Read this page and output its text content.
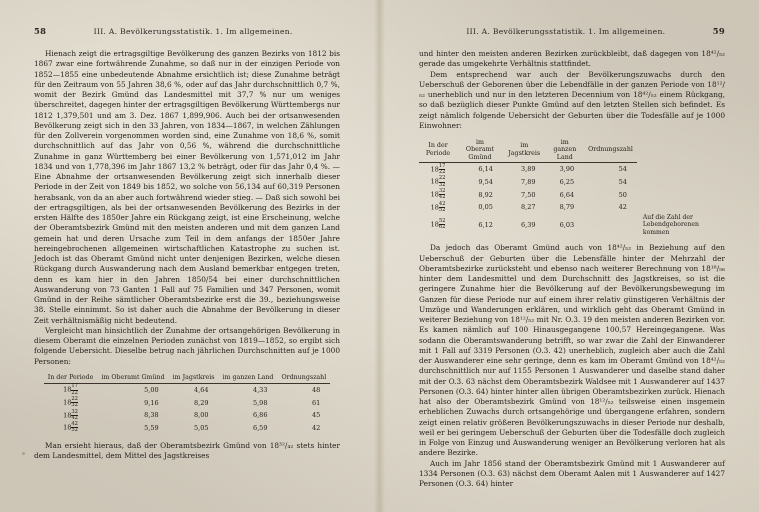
58	III. A. Bevölkerungsstatistik. 1. Im allgemeinen.

Hienach zeigt die ertragsgiltige Bevölkerung des ganzen Bezirks von 1812 bis 1867 zwar eine fortwährende Zunahme, so daß nur in der einzigen Periode von 1852—1855 eine unbedeutende Abnahme ersichtlich ist; diese Zunahme beträgt für den Zeitraum von 55 Jahren 38,6 %, oder auf das Jahr durchschnittlich 0,7 %, womit der Bezirk Gmünd das Landesmittel mit 37,7 % nur um weniges überschreitet, dagegen hinter der ertragsgiltigen Bevölkerung Württembergs nur 1812 1,379,501 und am 3. Dez. 1867 1,899,906. Auch bei der ortsanwesenden Bevölkerung zeigt sich in den 33 Jahren, von 1834—1867, in welchen Zählungen für den Zollverein vorgenommen worden sind, eine Zunahme von 18,6 %, somit durchschnittlich auf das Jahr von 0,56 %, während die durchschnittliche Zunahme in ganz Württemberg bei einer Bevölkerung von 1,571,012 im Jahr 1834 und von 1,778,396 im Jahr 1867 13,2 % beträgt, oder für das Jahr 0,4 %. — Eine Abnahme der ortsanwesenden Bevölkerung zeigt sich innerhalb dieser Periode in der Zeit von 1849 bis 1852, wo solche von 56,134 auf 60,319 Personen herabsank, von da an aber auch fortwährend wieder stieg. — Daß sich sowohl bei der ertragsgiltigen, als bei der ortsanwesenden Bevölkerung des Bezirks in der ersten Hälfte des 1850er Jahre ein Rückgang zeigt, ist eine Erscheinung, welche der Oberamtsbezirk Gmünd mit den meisten anderen und mit dem ganzen Land gemein hat und deren Ursache zum Teil in dem anfangs der 1850er Jahre hereingebrochenen allgemeinen wirtschaftlichen Katastrophe zu suchen ist. Jedoch ist das Oberamt Gmünd nicht unter denjenigen Bezirken, welche diesen Rückgang durch Auswanderung nach dem Ausland bemerkbar entgegen treten, denn es kam hier in den Jahren 1850/54 bei einer durchschnittlichen Auswanderung von 73 Ganten 1 Fall auf 75 Familien und 347 Personen, womit Gmünd in der Reihe sämtlicher Oberamtsbezirke erst die 39., beziehungsweise 38. Stelle einnimmt. So ist daher auch die Abnahme der Bevölkerung in dieser Zeit verhältnismäßig nicht bedeutend.

Vergleicht man hinsichtlich der Zunahme der ortsangehörigen Bevölkerung in diesem Oberamt die einzelnen Perioden zunächst von 1819—1852, so ergibt sich folgende Uebersicht. Dieselbe betrug nach jährlichen Durchschnitten auf je 1000 Personen:

In der Periode	im Oberamt Gmünd	im Jagstkreis	im ganzen Land	Ordnungszahl
$18 \frac{17}{22}$	5,00	4,64	4,33	48
$18 \frac{22}{32}$	9,16	8,29	5,98	61
$18 \frac{32}{42}$	8,38	8,00	6,86	45
$18 \frac{42}{52}$	5,59	5,05	6,59	42

Man ersieht hieraus, daß der Oberamtsbezirk Gmünd von 18³²/₄₂ stets hinter dem Landesmittel, dem Mittel des Jagstkreises

59
III. A. Bevölkerungsstatistik. 1. Im allgemeinen.

und hinter den meisten anderen Bezirken zurückbleibt, daß dagegen von 18⁴²/₅₂ gerade das umgekehrte Verhältnis stattfindet.

Dem entsprechend war auch der Bevölkerungszuwachs durch den Ueberschuß der Geborenen über die Lebendfälle in der ganzen Periode von 18¹²/₅₂ unerheblich und nur in den letzteren Decennium von 18⁴²/₅₂ einem Rückgang, so daß bezüglich dieser Punkte Gmünd auf den letzten Stellen sich befindet. Es zeigt nämlich folgende Uebersicht der Geburten über die Todesfälle auf je 1000 Einwohner:

In der Periode	im Oberamt Gmünd	im Jagstkreis	im ganzen Land	Ordnungszahl	
$18 \frac{17}{22}$	6,14	3,89	3,90	54	
$18 \frac{22}{32}$	9,54	7,89	6,25	54	
$18 \frac{32}{42}$	8,92	7,50	6,64	50	
$18 \frac{42}{52}$	0,05	8,27	8,79	42	
$18 \frac{52}{62}$	6,12	6,39	6,03		Auf die Zahl der Lebendgeborenen kommen

Da jedoch das Oberamt Gmünd auch von 18⁴²/₅₂ in Beziehung auf den Ueberschuß der Geburten über die Lebensfälle hinter der Mehrzahl der Oberamtsbezirke zurücksteht und ebenso nach weiterer Berechnung von 18¹⁸/₅₆ hinter dem Landesmittel und dem Durchschnitt des Jagstkreises, so ist die geringere Zunahme hier die Bevölkerung auf der Bevölkerungsbewegung im Ganzen für diese Periode nur auf einem ihrer relativ günstigeren Verhältnis der Umzüge und Wanderungen erklären, und wirklich geht das Oberamt Gmünd in weiterer Beziehung von 18¹²/₅₂ mit Nr. O.3. 19 den meisten anderen Bezirken vor. Es kamen nämlich auf 100 Hinausgegangene 100,57 Hereingegangene. Was sodann die Oberamtswanderung betrifft, so war zwar die Zahl der Einwanderer mit 1 Fall auf 3319 Personen (O.3. 42) unerheblich, zugleich aber auch die Zahl der Auswanderer eine sehr geringe, denn es kam im Oberamt Gmünd von 18⁴²/₅₂ durchschnittlich nur auf 1155 Personen 1 Auswanderer und daselbe stand daher mit der O.3. 63 nächst dem Oberamtsbezirk Waldsee mit 1 Auswanderer auf 1437 Personen (O.3. 64) hinter hinter allen übrigen Oberamtsbezirken zurück. Hienach hat also der Oberamtsbezirk Gmünd von 18¹²/₅₂ teilsweise einen insgemein erheblichen Zuwachs durch ortsangehörige und übergangene erfahren, sondern zeigt einen relativ größeren Bevölkerungszuwachs in dieser Periode nur deshalb, weil er bei geringem Ueberschuß der Geburten über die Todesfälle doch zugleich in Folge von Einzug und Auswanderung weniger an Bevölkerung verloren hat als andere Bezirke.

Auch im Jahr 1856 stand der Oberamtsbezirk Gmünd mit 1 Auswanderer auf 1334 Personen (O.3. 63) nächst dem Oberamt Aalen mit 1 Auswanderer auf 1427 Personen (O.3. 64) hinter
